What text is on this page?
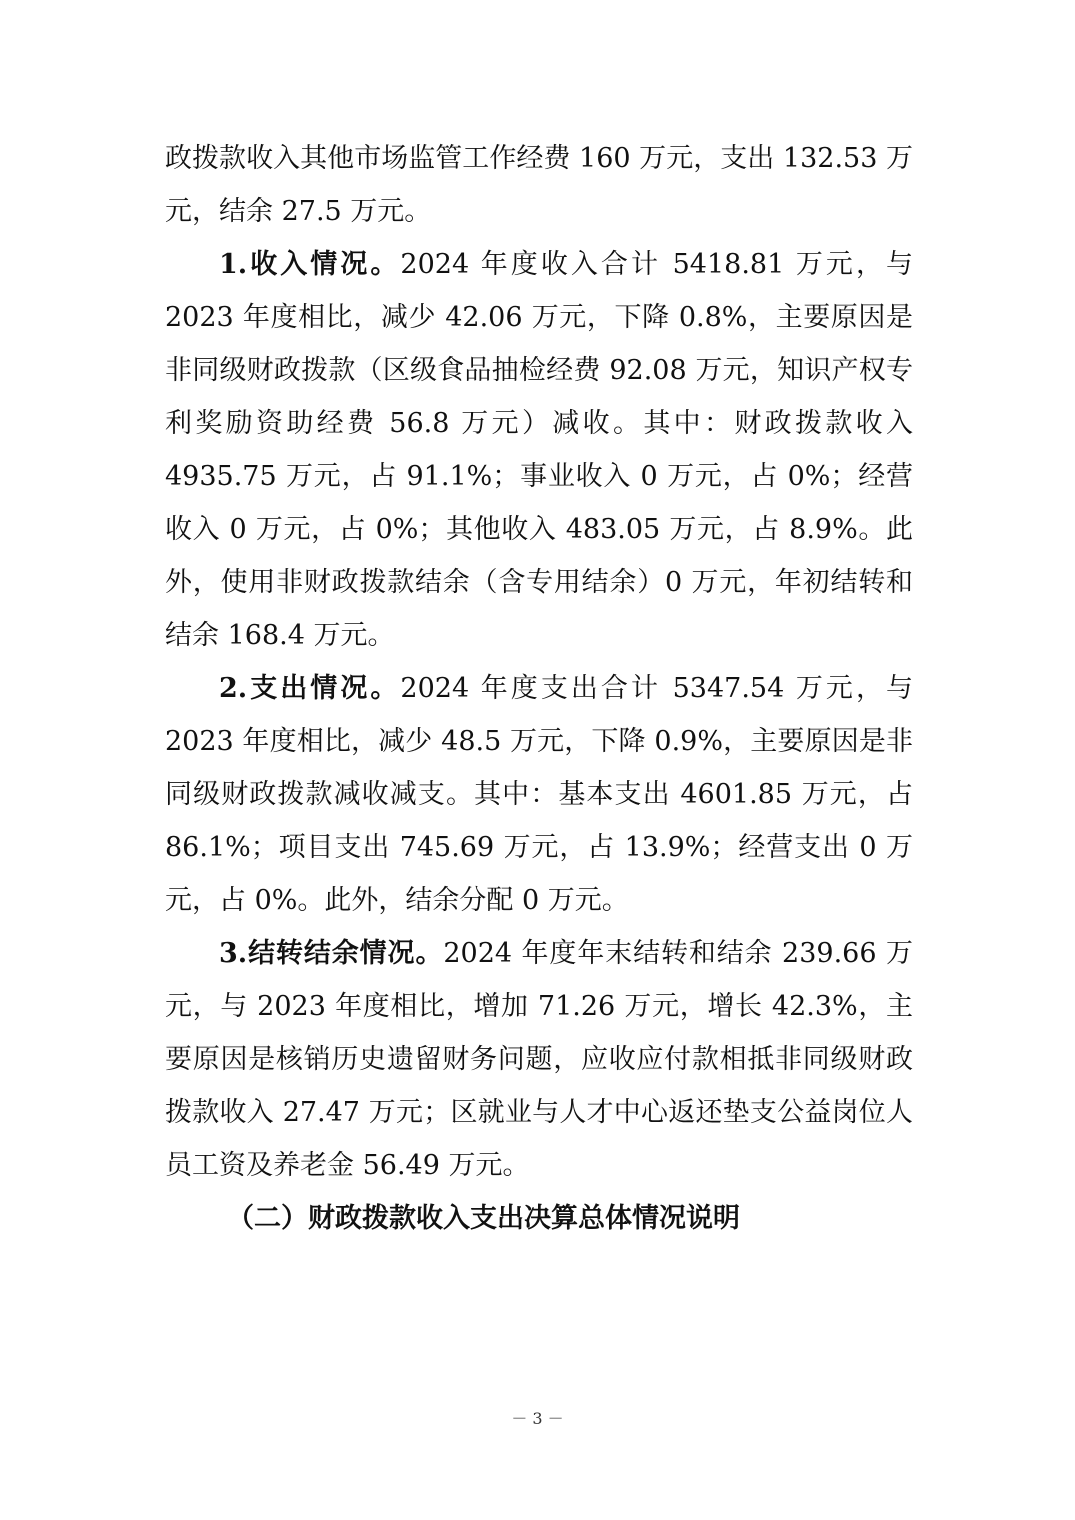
政拨款收入其他市场监管工作经费 160 万元，支出 132.53 万元，结余 27.5 万元。

1.收入情况。2024 年度收入合计 5418.81 万元，与 2023 年度相比，减少 42.06 万元，下降 0.8%，主要原因是非同级财政拨款（区级食品抽检经费 92.08 万元，知识产权专利奖励资助经费 56.8 万元）减收。其中：财政拨款收入 4935.75 万元，占 91.1%；事业收入 0 万元，占 0%；经营收入 0 万元，占 0%；其他收入 483.05 万元，占 8.9%。此外，使用非财政拨款结余（含专用结余）0 万元，年初结转和结余 168.4 万元。

2.支出情况。2024 年度支出合计 5347.54 万元，与 2023 年度相比，减少 48.5 万元，下降 0.9%，主要原因是非同级财政拨款减收减支。其中：基本支出 4601.85 万元，占 86.1%；项目支出 745.69 万元，占 13.9%；经营支出 0 万元，占 0%。此外，结余分配 0 万元。

3.结转结余情况。2024 年度年末结转和结余 239.66 万元，与 2023 年度相比，增加 71.26 万元，增长 42.3%，主要原因是核销历史遗留财务问题，应收应付款相抵非同级财政拨款收入 27.47 万元；区就业与人才中心返还垫支公益岗位人员工资及养老金 56.49 万元。

（二）财政拨款收入支出决算总体情况说明

－ 3 －
